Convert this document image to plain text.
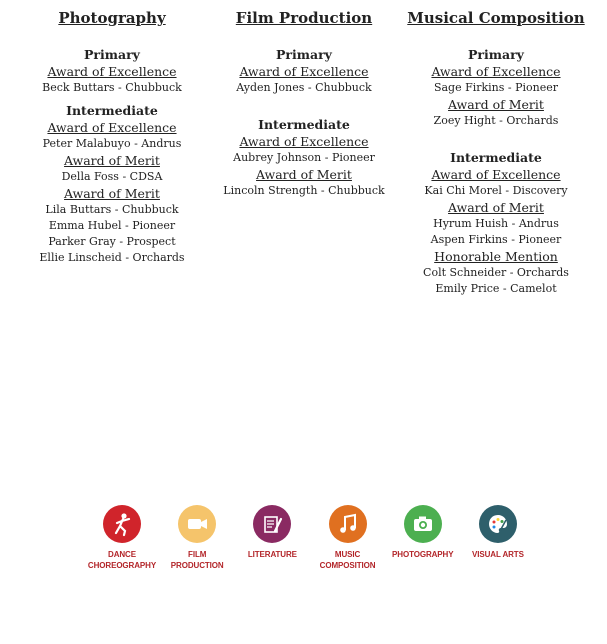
Photography
Primary
Award of Excellence
Beck Buttars - Chubbuck
Intermediate
Award of Excellence
Peter Malabuyo - Andrus
Award of Merit
Della Foss - CDSA
Award of Merit
Lila Buttars - Chubbuck
Emma Hubel - Pioneer
Parker Gray - Prospect
Ellie Linscheid - Orchards
Film Production
Primary
Award of Excellence
Ayden Jones - Chubbuck
Intermediate
Award of Excellence
Aubrey Johnson - Pioneer
Award of Merit
Lincoln Strength - Chubbuck
Musical Composition
Primary
Award of Excellence
Sage Firkins - Pioneer
Award of Merit
Zoey Hight - Orchards
Intermediate
Award of Excellence
Kai Chi Morel - Discovery
Award of Merit
Hyrum Huish - Andrus
Aspen Firkins - Pioneer
Honorable Mention
Colt Schneider - Orchards
Emily Price - Camelot
DANCE
CHOREOGRAPHY
FILM
PRODUCTION
LITERATURE	MUSIC
COMPOSITION
PHOTOGRAPHY	VISUAL ARTS
